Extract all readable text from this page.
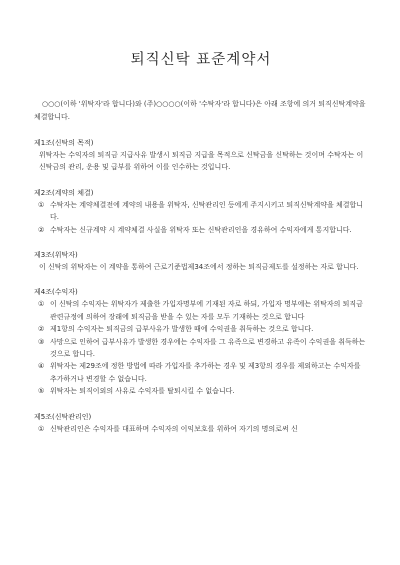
퇴직신탁 표준계약서
○○○(이하 '위탁자'라 합니다)와 (주)○○○○(이하 '수탁자'라 합니다)은 아래 조항에 의거 퇴직신탁계약을 체결합니다.
제1조(신탁의 목적)
위탁자는 수익자의 퇴직금 지급사유 발생시 퇴직금 지급을 목적으로 신탁금을 신탁하는 것이며 수탁자는 이 신탁금의 관리, 운용 및 급부를 위하여 이를 인수하는 것입니다.
제2조(계약의 체결)
① 수탁자는 계약체결전에 계약의 내용을 위탁자, 신탁관리인 등에게 주지시키고 퇴직신탁계약을 체결합니다.
② 수탁자는 신규계약 시 계약체결 사실을 위탁자 또는 신탁관리인을 경유하여 수익자에게 통지합니다.
제3조(위탁자)
이 신탁의 위탁자는 이 계약을 통하여 근로기준법제34조에서 정하는 퇴직금제도를 설정하는 자로 합니다.
제4조(수익자)
① 이 신탁의 수익자는 위탁자가 제출한 가입자명부에 기재된 자로 하되, 가입자 명부에는 위탁자의 퇴직금 관련규정에 의하여 장래에 퇴직금을 받을 수 있는 자를 모두 기재하는 것으로 합니다
② 제1항의 수익자는 퇴직금의 급부사유가 발생한 때에 수익권을 취득하는 것으로 합니다.
③ 사망으로 인하여 급부사유가 발생한 경우에는 수익자를 그 유족으로 변경하고 유족이 수익권을 취득하는 것으로 합니다.
④ 위탁자는 제29조에 정한 방법에 따라 가입자를 추가하는 경우 및 제3항의 경우를 제외하고는 수익자를 추가하거나 변경할 수 없습니다.
⑤ 위탁자는 퇴직이외의 사유로 수익자를 탈퇴시킬 수 없습니다.
제5조(신탁관리인)
① 신탁관리인은 수익자를 대표하며 수익자의 이익보호를 위하여 자기의 명의로써 신
